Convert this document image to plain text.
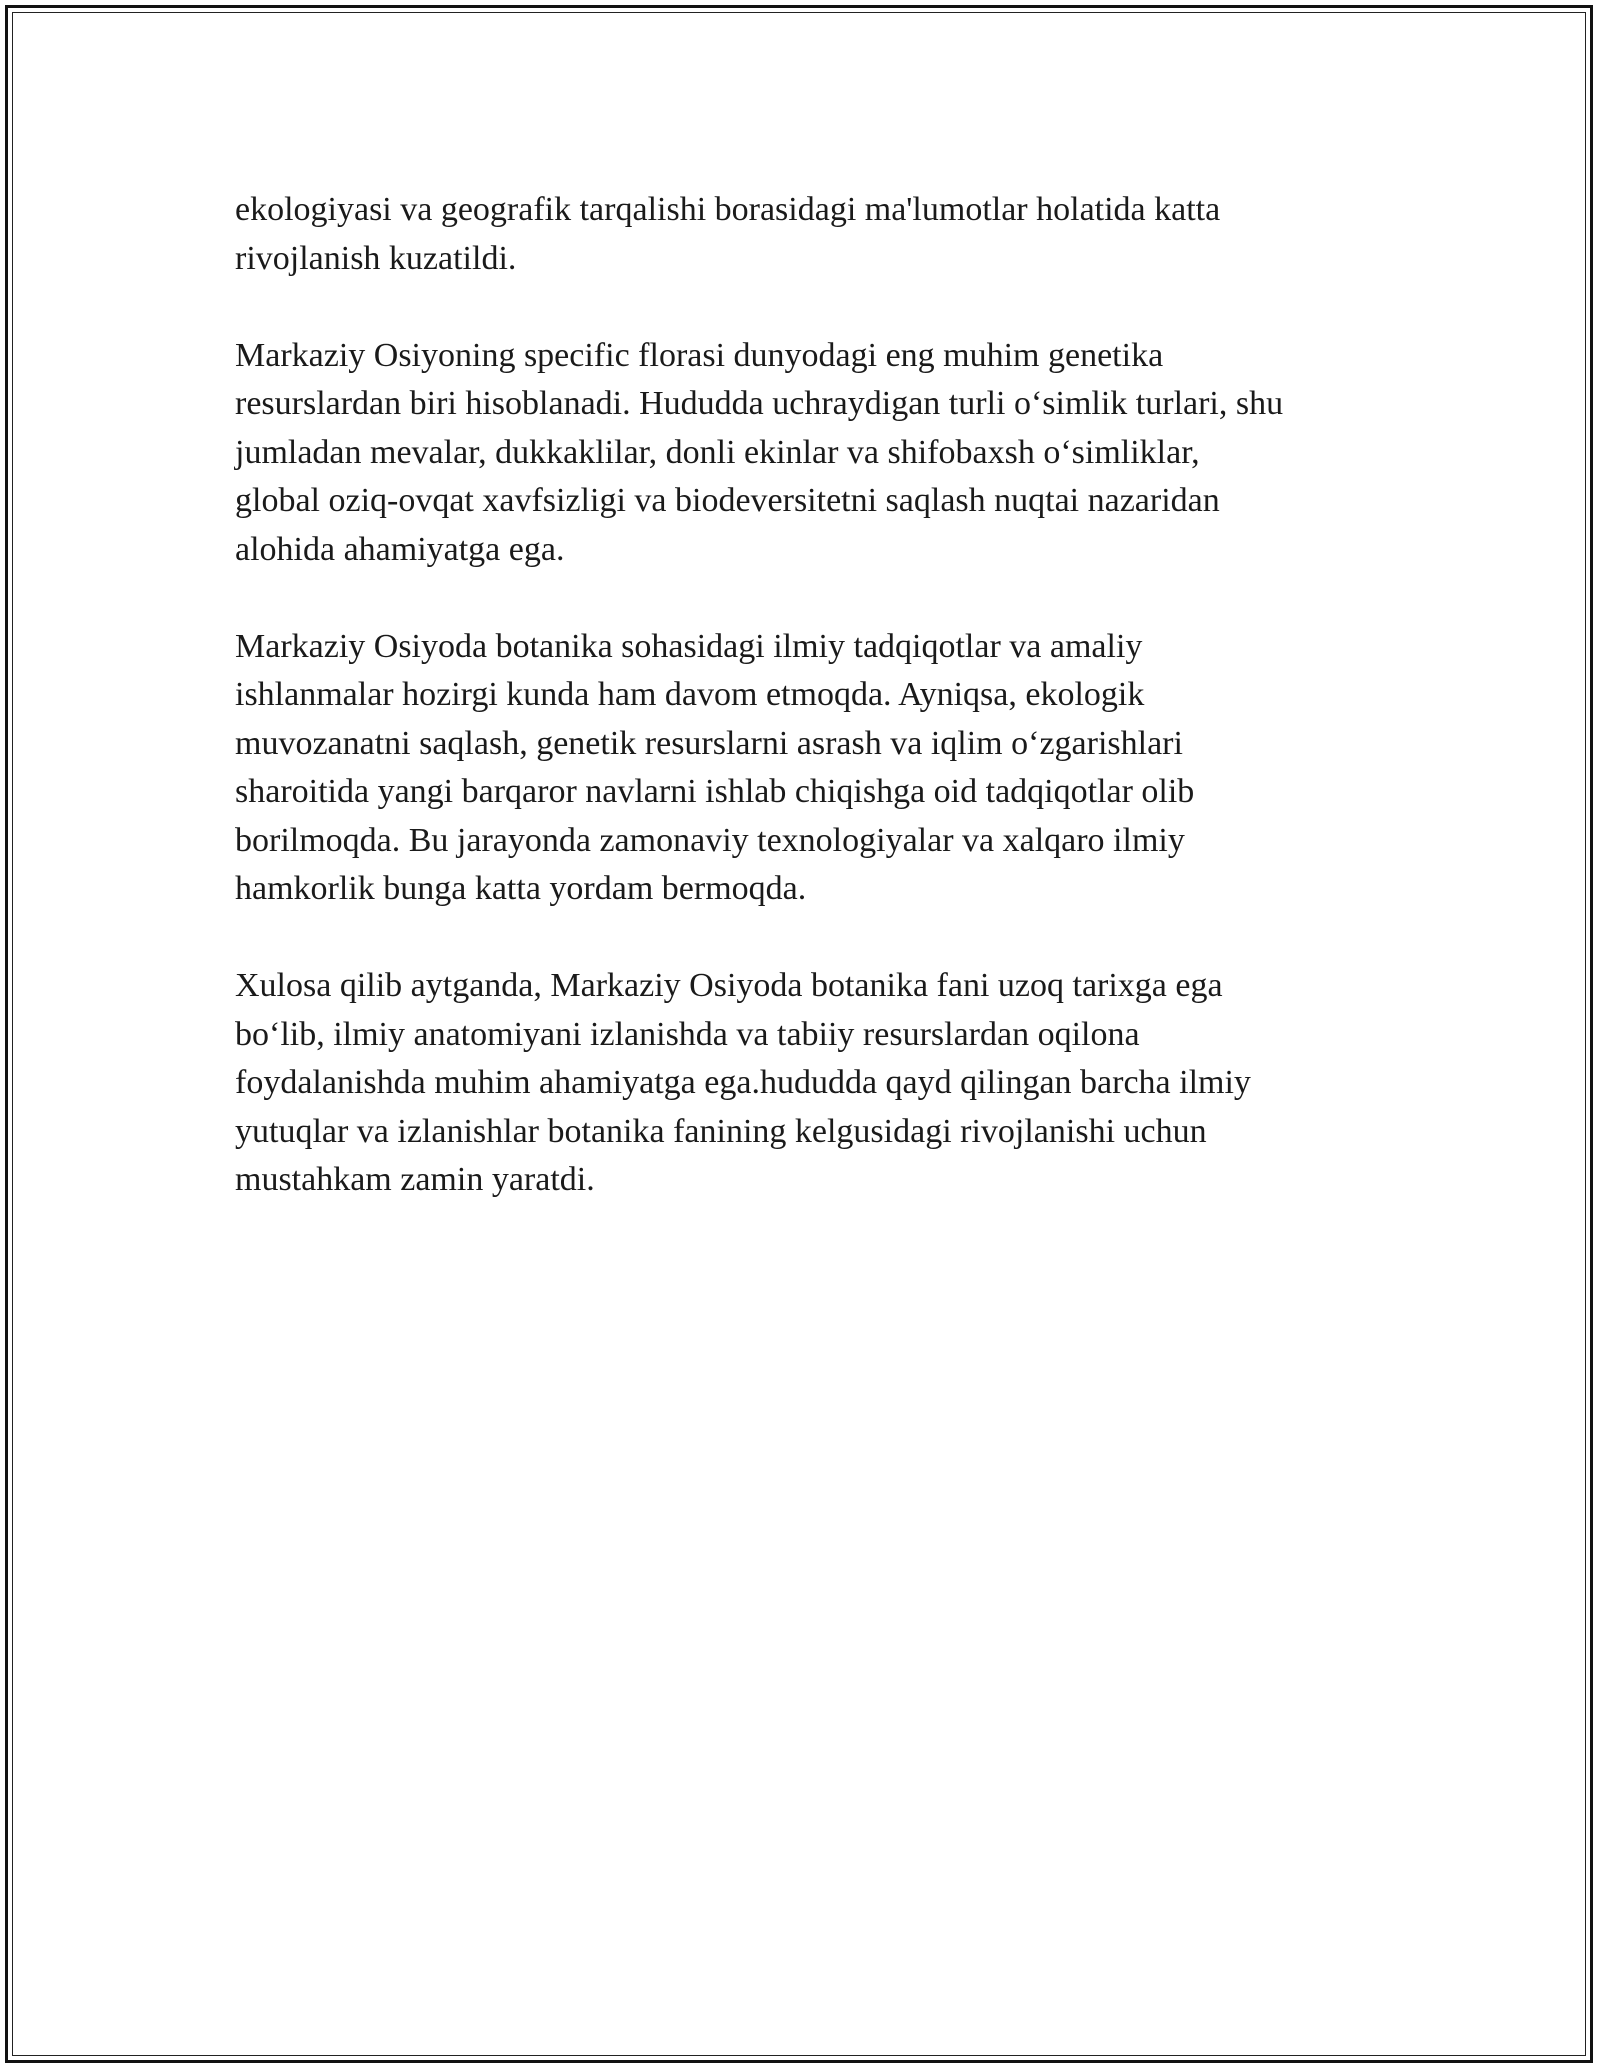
ekologiyasi va geografik tarqalishi borasidagi ma'lumotlar holatida katta
rivojlanish kuzatildi.

Markaziy Osiyoning specific florasi dunyodagi eng muhim genetika
resurslardan biri hisoblanadi. Hududda uchraydigan turli o‘simlik turlari, shu
jumladan mevalar, dukkaklilar, donli ekinlar va shifobaxsh o‘simliklar,
global oziq-ovqat xavfsizligi va biodeversitetni saqlash nuqtai nazaridan
alohida ahamiyatga ega.

Markaziy Osiyoda botanika sohasidagi ilmiy tadqiqotlar va amaliy
ishlanmalar hozirgi kunda ham davom etmoqda. Ayniqsa, ekologik
muvozanatni saqlash, genetik resurslarni asrash va iqlim o‘zgarishlari
sharoitida yangi barqaror navlarni ishlab chiqishga oid tadqiqotlar olib
borilmoqda. Bu jarayonda zamonaviy texnologiyalar va xalqaro ilmiy
hamkorlik bunga katta yordam bermoqda.

Xulosa qilib aytganda, Markaziy Osiyoda botanika fani uzoq tarixga ega
bo‘lib, ilmiy anatomiyani izlanishda va tabiiy resurslardan oqilona
foydalanishda muhim ahamiyatga ega.hududda qayd qilingan barcha ilmiy
yutuqlar va izlanishlar botanika fanining kelgusidagi rivojlanishi uchun
mustahkam zamin yaratdi.
